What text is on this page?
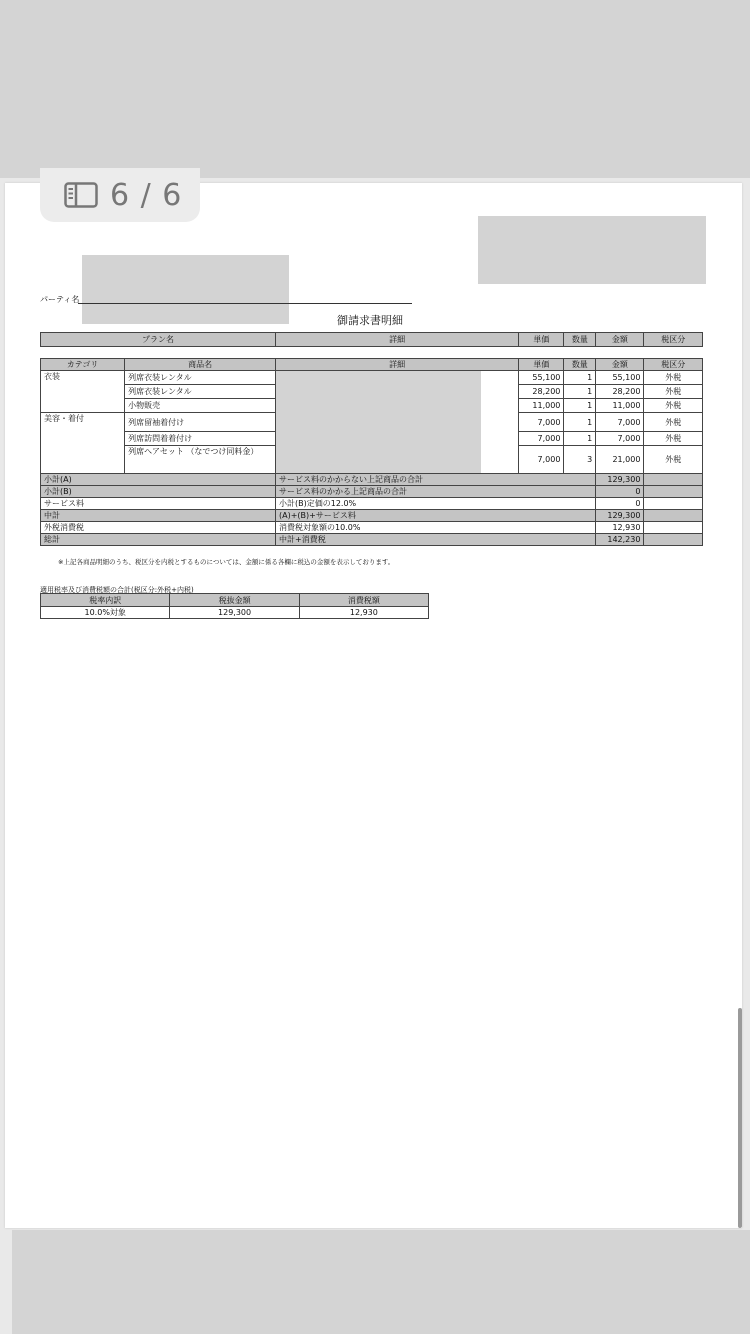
6 / 6
パーティ名
御請求書明細
プラン名	詳細	単価	数量	金額	税区分
カテゴリ	商品名	詳細	単価	数量	金額	税区分
衣装	列席衣装レンタル		55,100	1	55,100	外税
	列席衣装レンタル		28,200	1	28,200	外税
	小物販売		11,000	1	11,000	外税
美容・着付	列席留袖着付け		7,000	1	7,000	外税
	列席訪問着着付け		7,000	1	7,000	外税
	列席ヘアセット （なでつけ同料金）		7,000	3	21,000	外税
小計(A)		サービス料のかからない上記商品の合計			129,300	
小計(B)		サービス料のかかる上記商品の合計			0	
サービス料		小計(B)定価の12.0%			0	
中計		(A)+(B)+サービス料			129,300	
外税消費税		消費税対象額の10.0%			12,930	
総計		中計+消費税			142,230	
※上記各商品明細のうち、税区分を内税とするものについては、金額に係る各欄に税込の金額を表示しております。
適用税率及び消費税額の合計(税区分:外税+内税)
税率内訳	税抜金額	消費税額
10.0%対象	129,300	12,930
